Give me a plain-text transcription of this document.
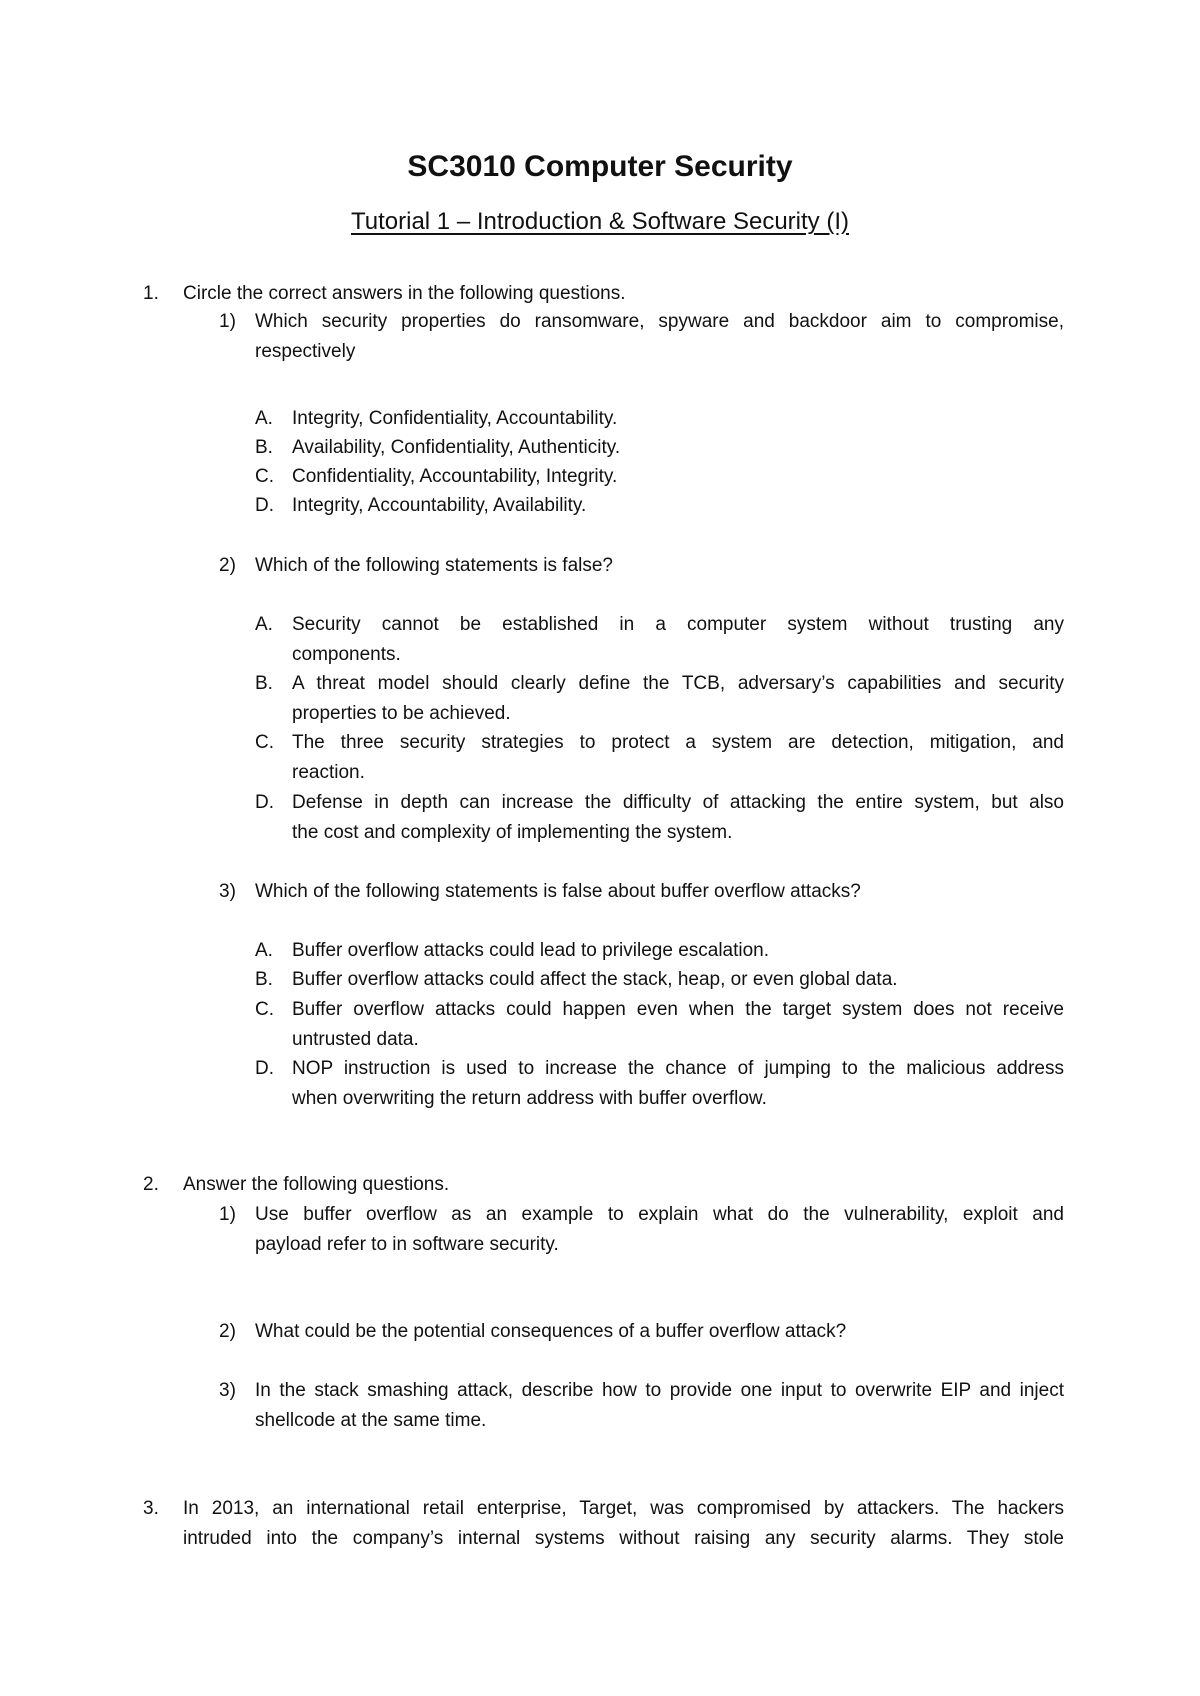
SC3010 Computer Security
Tutorial 1 – Introduction & Software Security (I)
1.	Circle the correct answers in the following questions.
1)	Which security properties do ransomware, spyware and backdoor aim to compromise,
respectively
A.	Integrity, Confidentiality, Accountability.
B.	Availability, Confidentiality, Authenticity.
C. Confidentiality, Accountability, Integrity.
D. Integrity, Accountability, Availability.
2)	Which of the following statements is false?
A.	Security cannot be established in a computer system without trusting any
components.
B.	A threat model should clearly define the TCB, adversary’s capabilities and security
properties to be achieved.
C. The three security strategies to protect a system are detection, mitigation, and
reaction.
D. Defense in depth can increase the difficulty of attacking the entire system, but also
the cost and complexity of implementing the system.
3)	Which of the following statements is false about buffer overflow attacks?
A.	Buffer overflow attacks could lead to privilege escalation.
B.	Buffer overflow attacks could affect the stack, heap, or even global data.
C. Buffer overflow attacks could happen even when the target system does not receive
untrusted data.
D. NOP instruction is used to increase the chance of jumping to the malicious address
when overwriting the return address with buffer overflow.
2.	Answer the following questions.
1)	Use buffer overflow as an example to explain what do the vulnerability, exploit and
payload refer to in software security.
2)	What could be the potential consequences of a buffer overflow attack?
3)	In the stack smashing attack, describe how to provide one input to overwrite EIP and inject
shellcode at the same time.
3.	In 2013, an international retail enterprise, Target, was compromised by attackers. The hackers
intruded into the company’s internal systems without raising any security alarms. They stole
